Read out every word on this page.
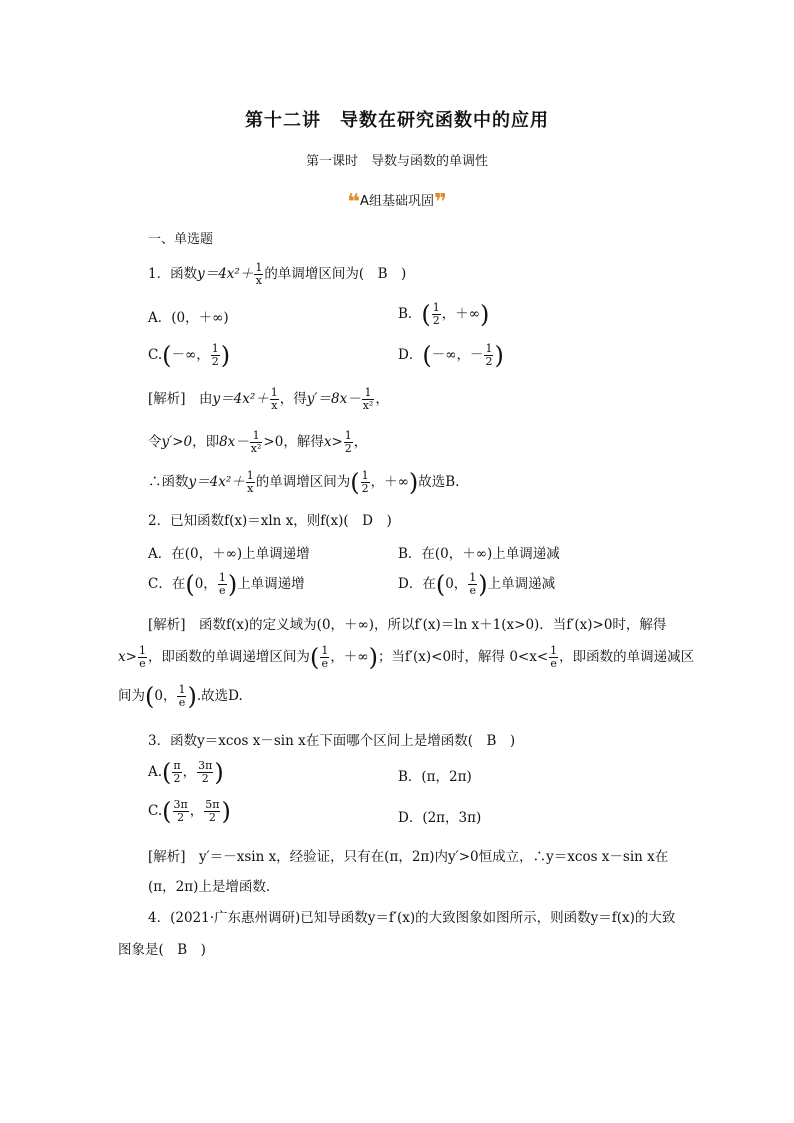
第十二讲　导数在研究函数中的应用
第一课时　导数与函数的单调性
❝A组基础巩固❞
一、单选题
1．函数$y=4x^2+ \frac{1}{x}$ 的单调增区间为(　B　)
A．(0，＋∞)	B．( $\frac{1}{2}$ ，＋∞)
C.(－∞， $\frac{1}{2}$ )	D．(－∞，－ $\frac{1}{2}$ )
[解析]　由$y=4x^2+ \frac{1}{x}$ ，得$y'=8x- \frac{1}{\text{x²}}$ ，
令y′>0，即$8x- \frac{1}{\text{x²}} >0$，解得$x> \frac{1}{2}$ ，
∴函数$y=4x^2+ \frac{1}{x}$ 的单调增区间为( $\frac{1}{2}$ ，＋∞)故选B.
2．已知函数f(x)＝xln x，则f(x)(　D　)
A．在(0，＋∞)上单调递增	B．在(0，＋∞)上单调递减
C．在(0， $\frac{1}{e}$ )上单调递增	D．在(0， $\frac{1}{e}$ )上单调递减
[解析]　函数f(x)的定义域为(0，＋∞)，所以f′(x)＝ln x＋1(x>0)．当f′(x)>0时，解得
$x> \frac{1}{e}$ ，即函数的单调递增区间为( $\frac{1}{e}$ ，＋∞)；当f′(x)<0时，解得 $0<x< \frac{1}{e}$ ，即函数的单调递减区
间为(0， $\frac{1}{e}$ ).故选D.
3．函数y＝xcos x－sin x在下面哪个区间上是增函数(　B　)
$A.( \frac{\pi}{2}$ ， $\frac{3\pi}{2}$ )	B．(π，2π)
$C.( \frac{3\pi}{2}$ ， $\frac{5\pi}{2}$ )	D．(2π，3π)
[解析]　y′＝－xsin x，经验证，只有在(π，2π)内y′>0恒成立，∴y＝xcos x－sin x在(π，2π)上是增函数．
4．(2021·广东惠州调研)已知导函数y＝f′(x)的大致图象如图所示，则函数y＝f(x)的大致图象是(　B　)
